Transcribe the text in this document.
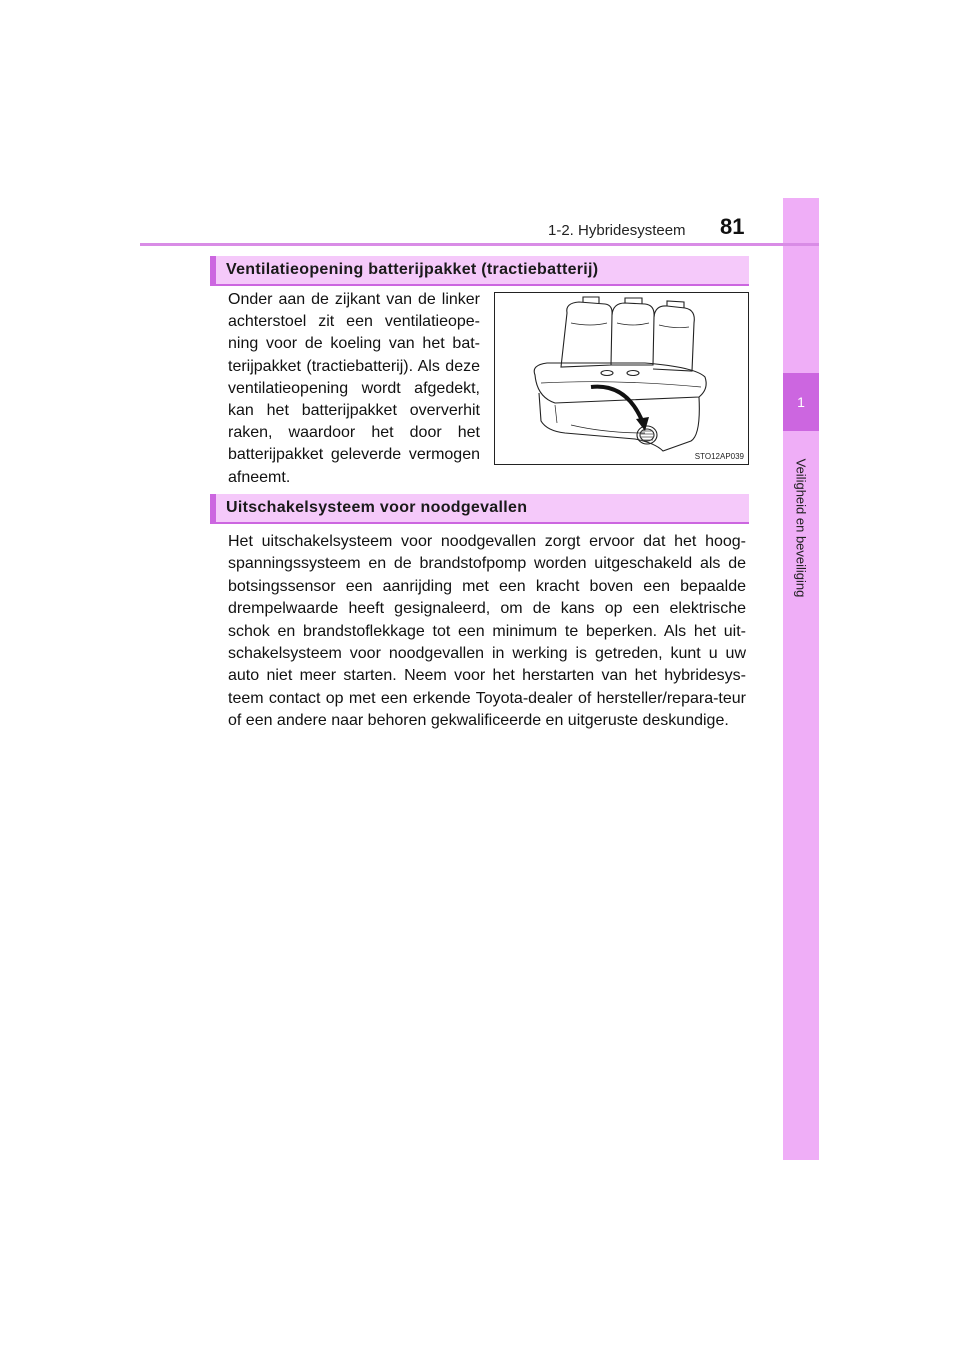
1
Veiligheid en beveiliging
1-2. Hybridesysteem 81
Ventilatieopening batterijpakket (tractiebatterij)

Onder aan de zijkant van de linker achterstoel zit een ventilatieope-ning voor de koeling van het bat-terijpakket (tractiebatterij). Als deze ventilatieopening wordt afgedekt, kan het batterijpakket oververhit raken, waardoor het door het batterijpakket geleverde vermogen afneemt.

STO12AP039
Uitschakelsysteem voor noodgevallen

Het uitschakelsysteem voor noodgevallen zorgt ervoor dat het hoog-spanningssysteem en de brandstofpomp worden uitgeschakeld als de botsingssensor een aanrijding met een kracht boven een bepaalde drempelwaarde heeft gesignaleerd, om de kans op een elektrische schok en brandstoflekkage tot een minimum te beperken. Als het uit-schakelsysteem voor noodgevallen in werking is getreden, kunt u uw auto niet meer starten. Neem voor het herstarten van het hybridesys-teem contact op met een erkende Toyota-dealer of hersteller/repara-teur of een andere naar behoren gekwalificeerde en uitgeruste deskundige.
